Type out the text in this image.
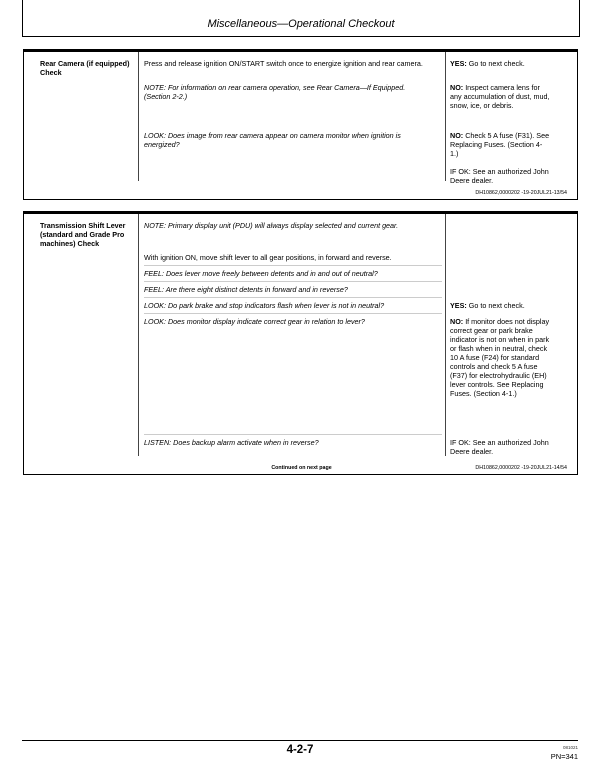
Miscellaneous—Operational Checkout
Rear Camera (if equipped) Check
Press and release ignition ON/START switch once to energize ignition and rear camera.
NOTE: For information on rear camera operation, see Rear Camera—If Equipped. (Section 2-2.)
LOOK: Does image from rear camera appear on camera monitor when ignition is energized?
YES: Go to next check.
NO: Inspect camera lens for any accumulation of dust, mud, snow, ice, or debris.
NO: Check 5 A fuse (F31). See Replacing Fuses. (Section 4-1.)
IF OK: See an authorized John Deere dealer.
DH10862,0000202 -19-20JUL21-13/54
Transmission Shift Lever (standard and Grade Pro machines) Check
NOTE: Primary display unit (PDU) will always display selected and current gear.
With ignition ON, move shift lever to all gear positions, in forward and reverse.
FEEL: Does lever move freely between detents and in and out of neutral?
FEEL: Are there eight distinct detents in forward and in reverse?
LOOK: Do park brake and stop indicators flash when lever is not in neutral?
LOOK: Does monitor display indicate correct gear in relation to lever?
LISTEN: Does backup alarm activate when in reverse?
YES: Go to next check.
NO: If monitor does not display correct gear or park brake indicator is not on when in park or flash when in neutral, check 10 A fuse (F24) for standard controls and check 5 A fuse (F37) for electrohydraulic (EH) lever controls. See Replacing Fuses. (Section 4-1.)
IF OK: See an authorized John Deere dealer.
Continued on next page	DH10862,0000202 -19-20JUL21-14/54
4-2-7	081021
PN=341
